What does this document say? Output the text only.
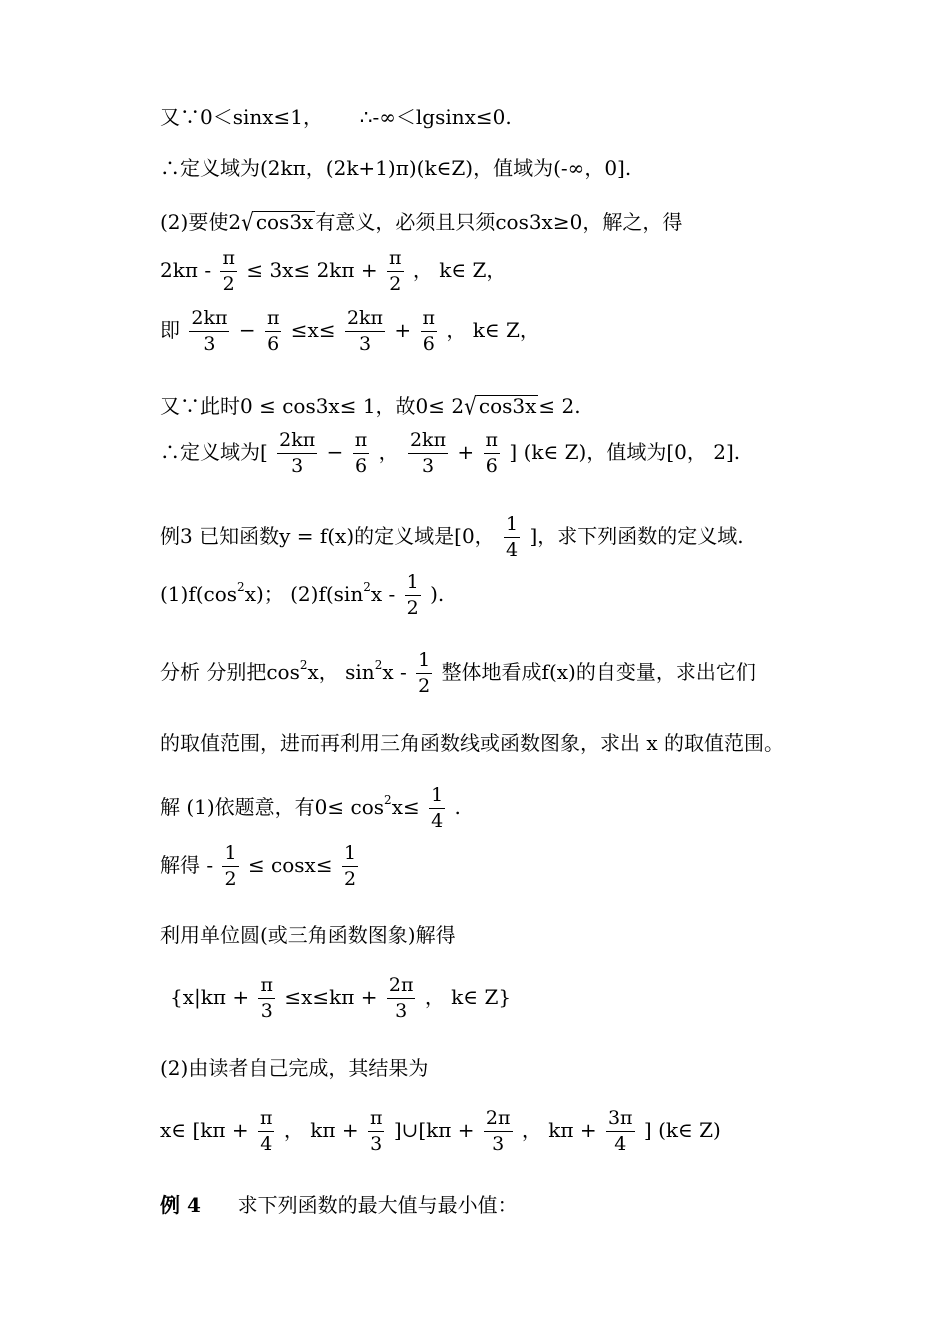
又∵0＜sinx≤1， ∴-∞＜lgsinx≤0.
∴定义域为(2kπ，(2k+1)π)(k∈Z)，值域为(-∞，0].
(2)要使2√ cos3x 有意义，必须且只须cos3x≥0，解之，得
$2k\pi - \frac{\pi}{2} \le 3x\le 2k\pi + \frac{\pi}{2}$ ， k∈ Z，
即 $\frac{2k\pi}{3} - \frac{\pi}{6} \le x\le \frac{2k\pi}{3} + \frac{\pi}{6}$ ， k∈ Z，
又∵此时0 ≤ cos3x≤ 1，故0≤ 2√ cos3x ≤ 2.
∴定义域为[ $\frac{2k\pi}{3} - \frac{\pi}{6}$ ， $\frac{2k\pi}{3} + \frac{\pi}{6}$ ] (k∈ Z)，值域为[0， 2].
例3 已知函数y = f(x)的定义域是[0， $\frac{1}{4}$ ]，求下列函数的定义域.
$(1)f(\cos^2x)$； $(2)f(\sin^2x - \frac{1}{2}$ ).
分析 分别把$\cos^2x$， $\sin^2x - \frac{1}{2}$ 整体地看成f(x)的自变量，求出它们
的取值范围，进而再利用三角函数线或函数图象，求出 x 的取值范围。
解 (1)依题意，有$0\le \cos^2x\le \frac{1}{4}$ .
解得 - $\frac{1}{2} \le \cos x\le \frac{1}{2}$
利用单位圆(或三角函数图象)解得
{$x|k\pi + \frac{\pi}{3} \le x\le k\pi + \frac{2\pi}{3}$ ， k∈ Z}
(2)由读者自己完成，其结果为
x∈ [$k\pi + \frac{\pi}{4}$ ， $k\pi + \frac{\pi}{3}$ ]∪[kπ + $\frac{2\pi}{3}$ ， $k\pi + \frac{3\pi}{4}$ ] (k∈ Z)
例 4 求下列函数的最大值与最小值：
